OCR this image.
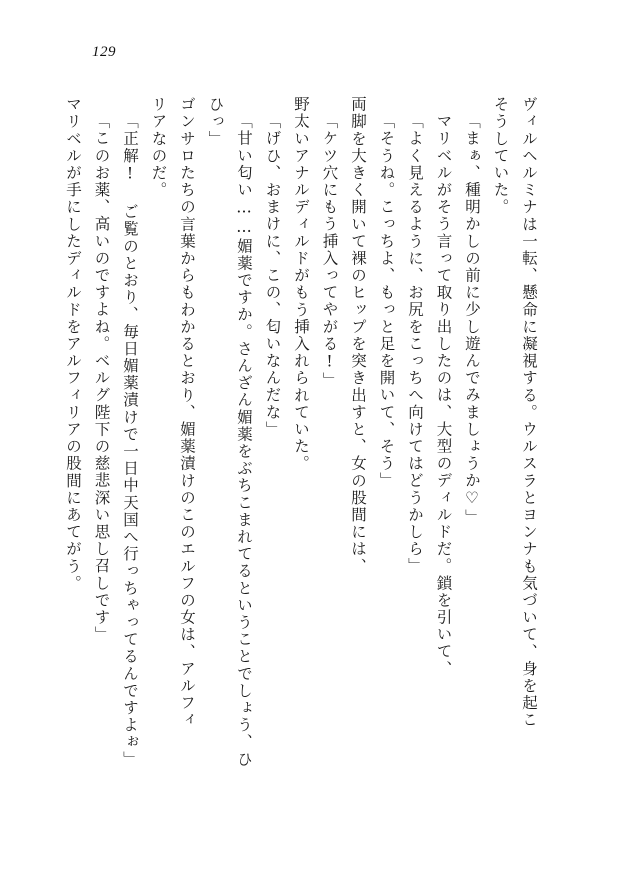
129
ヴィルヘルミナは一転、懸命に凝視する。ウルスラとヨンナも気づいて、身を起こ
そうしていた。
「まぁ、種明かしの前に少し遊んでみましょうか♡」
マリベルがそう言って取り出したのは、大型のディルドだ。鎖を引いて、
「よく見えるように、お尻をこっちへ向けてはどうかしら」
「そうね。こっちよ、もっと足を開いて、そう」
両脚を大きく開いて裸のヒップを突き出すと、女の股間には、
「ケツ穴にもう挿入ってやがる!」
野太いアナルディルドがもう挿入れられていた。
「げひ、おまけに、この、匂いなんだな」
「甘い匂い……媚薬ですか。さんざん媚薬をぶちこまれてるということでしょう、ひ
ひっ」
ゴンサロたちの言葉からもわかるとおり、媚薬漬けのこのエルフの女は、アルフィ
リアなのだ。
「正解! ご覧のとおり、毎日媚薬漬けで一日中天国へ行っちゃってるんですよぉ」
「このお薬、高いのですよね。ベルグ陛下の慈悲深い思し召しです」
マリベルが手にしたディルドをアルフィリアの股間にあてがう。
